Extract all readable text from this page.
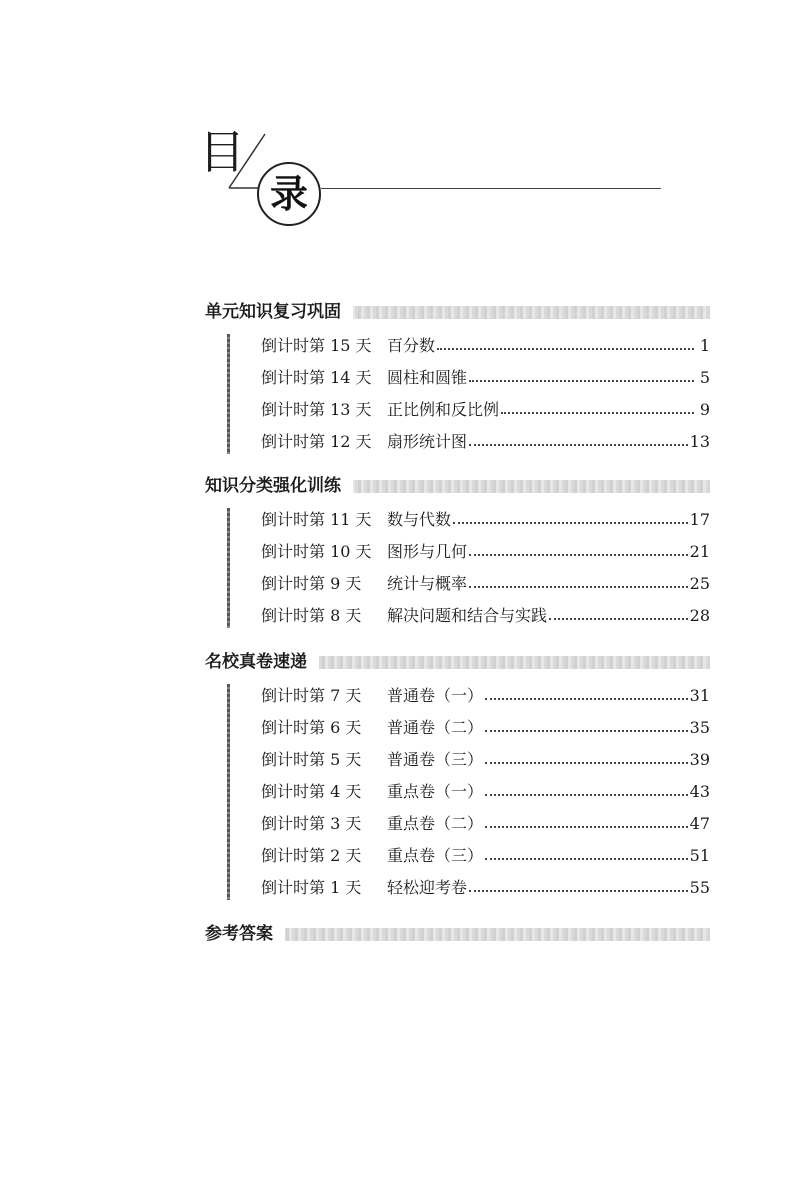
目
录
单元知识复习巩固
倒计时第 15 天 百分数	1
倒计时第 14 天 圆柱和圆锥	5
倒计时第 13 天 正比例和反比例	9
倒计时第 12 天 扇形统计图	13
知识分类强化训练
倒计时第 11 天 数与代数	17
倒计时第 10 天 图形与几何	21
倒计时第 9 天	统计与概率	25
倒计时第 8 天	解决问题和结合与实践	28
名校真卷速递
倒计时第 7 天	普通卷（一）	31
倒计时第 6 天	普通卷（二）	35
倒计时第 5 天	普通卷（三）	39
倒计时第 4 天	重点卷（一）	43
倒计时第 3 天	重点卷（二）	47
倒计时第 2 天	重点卷（三）	51
倒计时第 1 天	轻松迎考卷	55
参考答案
